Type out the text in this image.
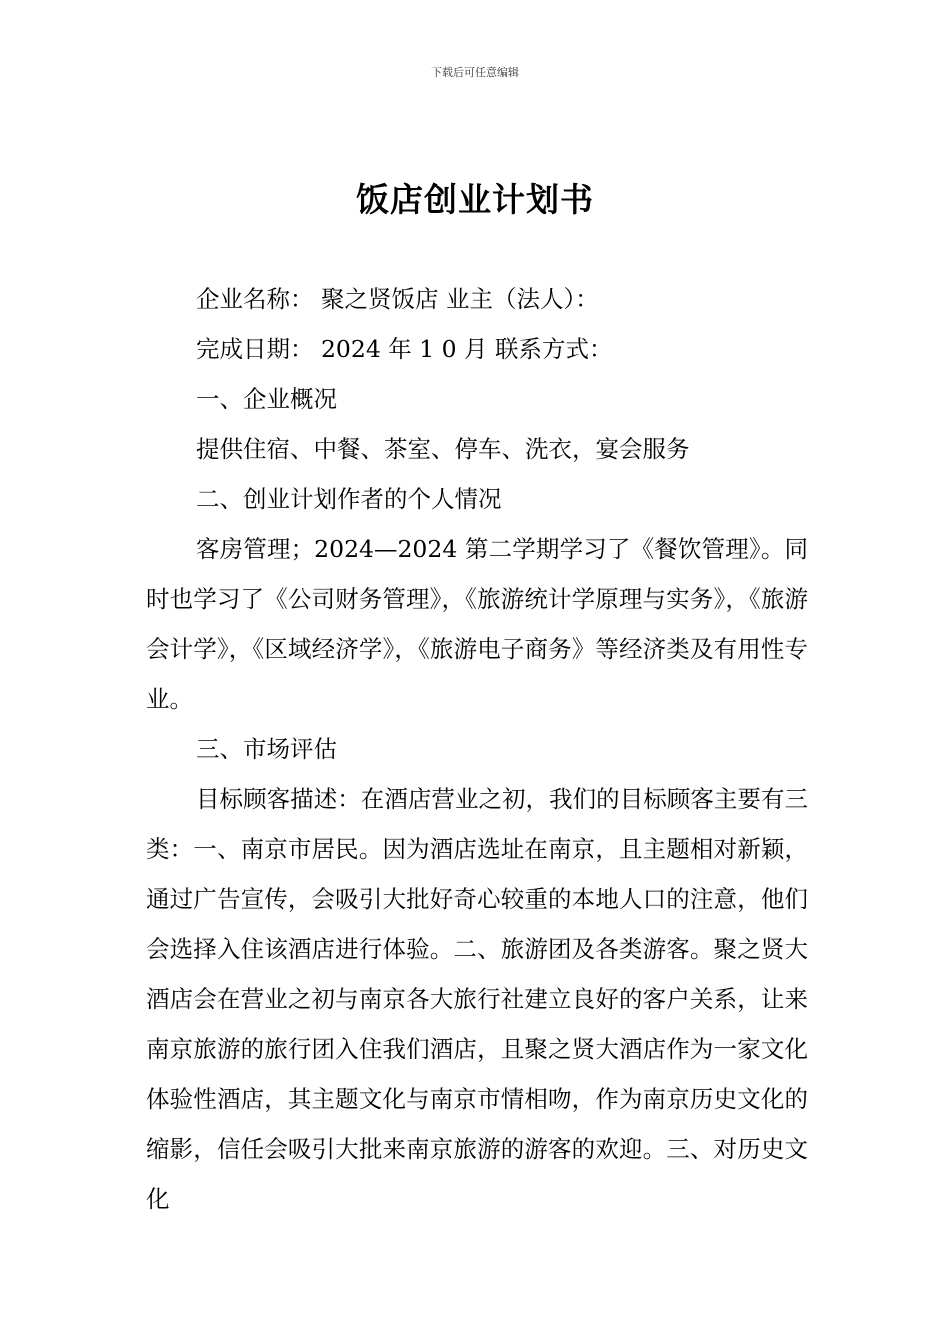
下载后可任意编辑
饭店创业计划书

企业名称： 聚之贤饭店 业主（法人）：

完成日期： 2024 年 1 0 月 联系方式：

一、企业概况

提供住宿、中餐、茶室、停车、洗衣，宴会服务

二、创业计划作者的个人情况

客房管理；2024—2024 第二学期学习了《餐饮管理》。同时也学习了《公司财务管理》，《旅游统计学原理与实务》，《旅游会计学》，《区域经济学》，《旅游电子商务》等经济类及有用性专业。

三、市场评估

目标顾客描述：在酒店营业之初，我们的目标顾客主要有三类：一、南京市居民。因为酒店选址在南京，且主题相对新颖，通过广告宣传，会吸引大批好奇心较重的本地人口的注意，他们会选择入住该酒店进行体验。二、旅游团及各类游客。聚之贤大酒店会在营业之初与南京各大旅行社建立良好的客户关系，让来南京旅游的旅行团入住我们酒店，且聚之贤大酒店作为一家文化体验性酒店，其主题文化与南京市情相吻，作为南京历史文化的缩影，信任会吸引大批来南京旅游的游客的欢迎。三、对历史文化
